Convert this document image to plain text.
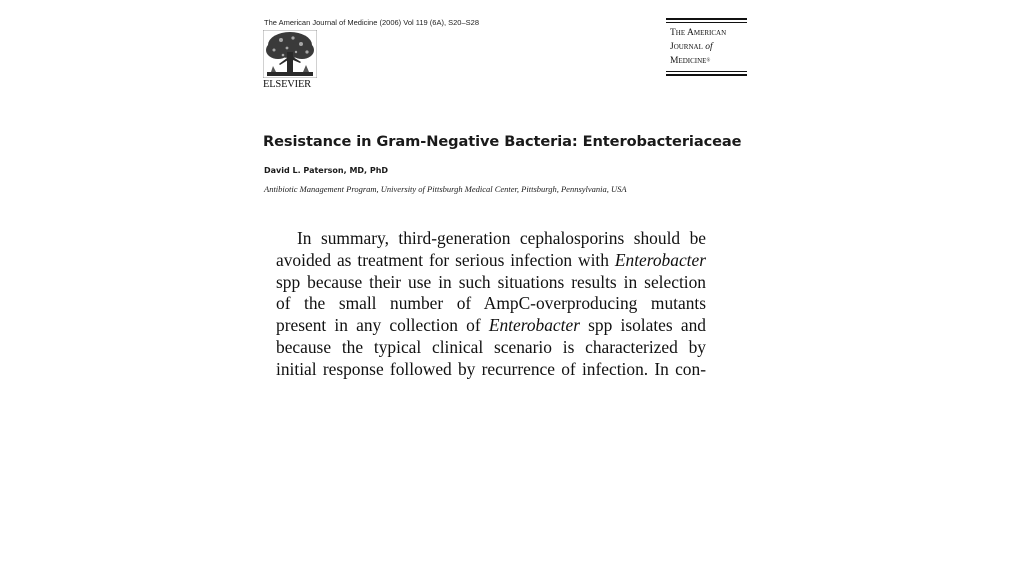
The American Journal of Medicine (2006) Vol 119 (6A), S20–S28
ELSEVIER
The American
Journal of
Medicine®
Resistance in Gram-Negative Bacteria: Enterobacteriaceae
David L. Paterson, MD, PhD
Antibiotic Management Program, University of Pittsburgh Medical Center, Pittsburgh, Pennsylvania, USA
In summary, third-generation cephalosporins should be
avoided as treatment for serious infection with Enterobacter
spp because their use in such situations results in selection
of the small number of AmpC-overproducing mutants
present in any collection of Enterobacter spp isolates and
because the typical clinical scenario is characterized by
initial response followed by recurrence of infection. In con-
